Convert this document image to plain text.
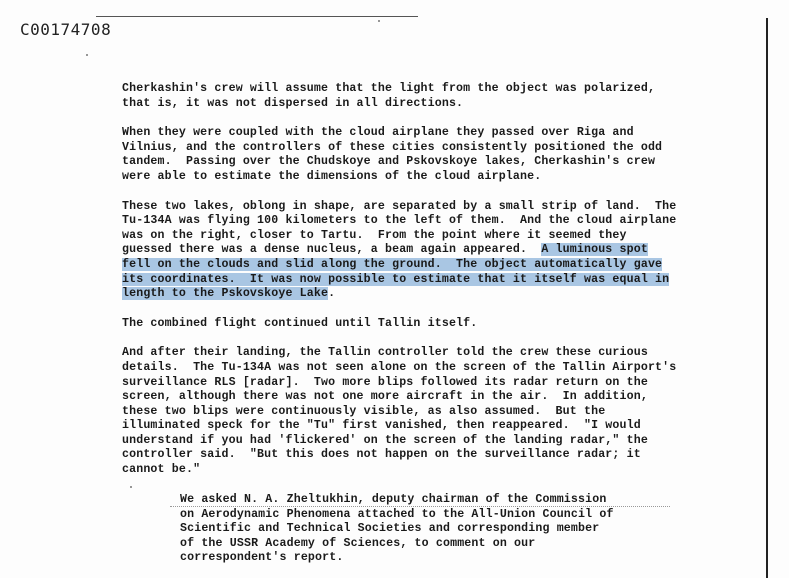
C00174708

Cherkashin's crew will assume that the light from the object was polarized,
that is, it was not dispersed in all directions.

When they were coupled with the cloud airplane they passed over Riga and
Vilnius, and the controllers of these cities consistently positioned the odd
tandem.  Passing over the Chudskoye and Pskovskoye lakes, Cherkashin's crew
were able to estimate the dimensions of the cloud airplane.

These two lakes, oblong in shape, are separated by a small strip of land.  The
Tu-134A was flying 100 kilometers to the left of them.  And the cloud airplane
was on the right, closer to Tartu.  From the point where it seemed they
guessed there was a dense nucleus, a beam again appeared.  A luminous spot
fell on the clouds and slid along the ground.  The object automatically gave
its coordinates.  It was now possible to estimate that it itself was equal in
length to the Pskovskoye Lake.

The combined flight continued until Tallin itself.

And after their landing, the Tallin controller told the crew these curious
details.  The Tu-134A was not seen alone on the screen of the Tallin Airport's
surveillance RLS [radar].  Two more blips followed its radar return on the
screen, although there was not one more aircraft in the air.  In addition,
these two blips were continuously visible, as also assumed.  But the
illuminated speck for the "Tu" first vanished, then reappeared.  "I would
understand if you had 'flickered' on the screen of the landing radar," the
controller said.  "But this does not happen on the surveillance radar; it
cannot be."

We asked N. A. Zheltukhin, deputy chairman of the Commission
on Aerodynamic Phenomena attached to the All-Union Council of
Scientific and Technical Societies and corresponding member
of the USSR Academy of Sciences, to comment on our
correspondent's report.
